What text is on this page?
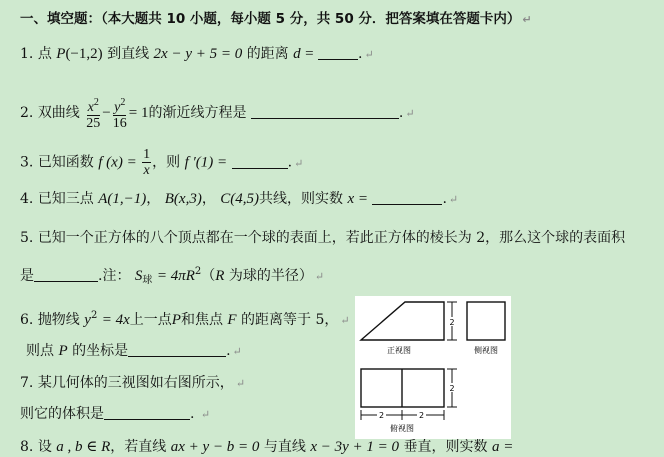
一、填空题：（本大题共 10 小题，每小题 5 分，共 50 分．把答案填在答题卡内） ↵
1. 点 P(−1,2) 到直线 2x − y + 5 = 0 的距离 d =	. ↵
2. 双曲线 $\frac{x^2}{25} - \frac{y^2}{16} = 1$的渐近线方程是	. ↵
3. 已知函数 f $(x) = \frac{1}{x}$ ，则 f ′(1) =	. ↵
4. 已知三点 A(1,−1)， B(x,3)， C(4,5)共线，则实数 x =	. ↵
5. 已知一个正方体的八个顶点都在一个球的表面上，若此正方体的棱长为 2，那么这个球的表面积
是	.注： $S_球 = 4\pi R^2(R$ 为球的半径） ↵
6. 抛物线 $y^2 = 4x$上一点P和焦点 F 的距离等于 5， ↵
则点 P 的坐标是	. ↵
7. 某几何体的三视图如右图所示， ↵
则它的体积是	. ↵
8. 设 a , b ∈ R，若直线 ax + y − b = 0 与直线 x − 3y + 1 = 0 垂直，则实数 a =
2
正视图	侧视图
2
2	2
俯视图
